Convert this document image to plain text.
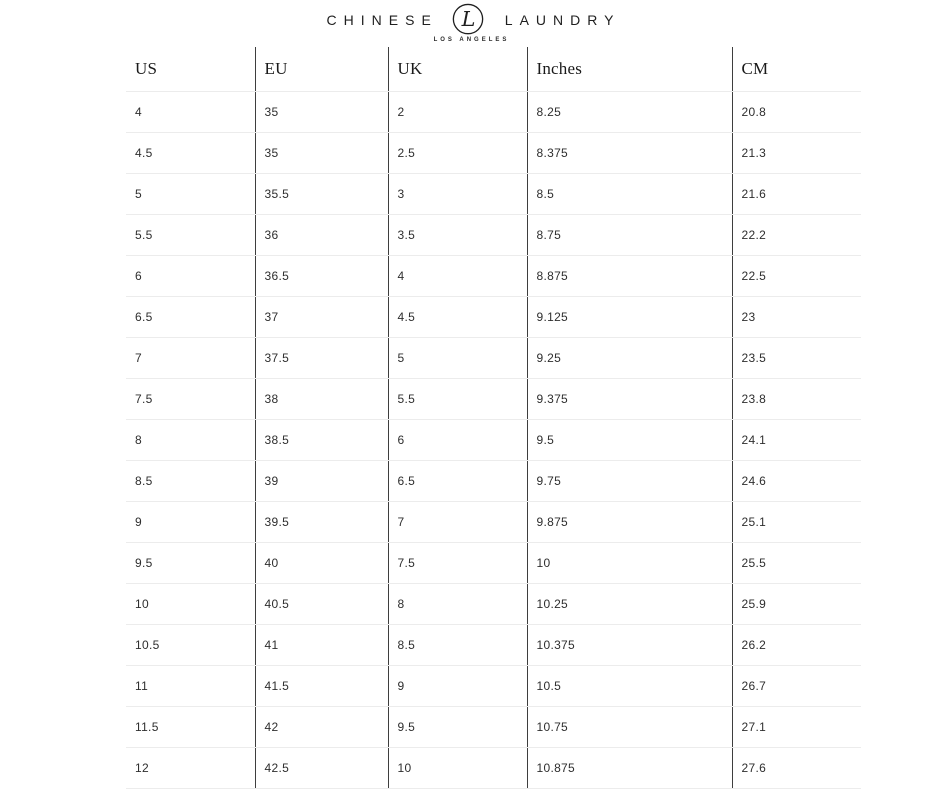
CHINESE L	LAUNDRY
LOS ANGELES
US	EU	UK	Inches	CM
4	35	2	8.25	20.8
4.5	35	2.5	8.375	21.3
5	35.5	3	8.5	21.6
5.5	36	3.5	8.75	22.2
6	36.5	4	8.875	22.5
6.5	37	4.5	9.125	23
7	37.5	5	9.25	23.5
7.5	38	5.5	9.375	23.8
8	38.5	6	9.5	24.1
8.5	39	6.5	9.75	24.6
9	39.5	7	9.875	25.1
9.5	40	7.5	10	25.5
10	40.5	8	10.25	25.9
10.5	41	8.5	10.375	26.2
11	41.5	9	10.5	26.7
11.5	42	9.5	10.75	27.1
12	42.5	10	10.875	27.6
